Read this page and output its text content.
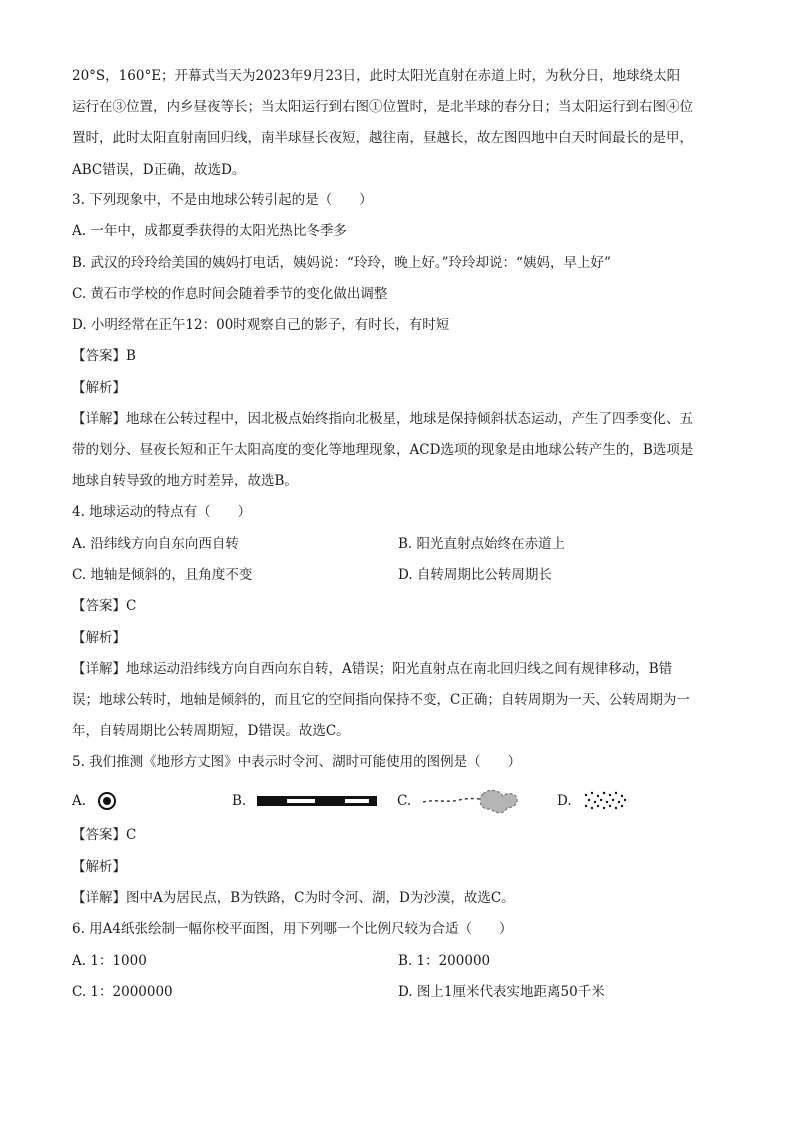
20°S，160°E；开幕式当天为2023年9月23日，此时太阳光直射在赤道上时，为秋分日，地球绕太阳
运行在③位置，内乡昼夜等长；当太阳运行到右图①位置时，是北半球的春分日；当太阳运行到右图④位
置时，此时太阳直射南回归线，南半球昼长夜短，越往南，昼越长，故左图四地中白天时间最长的是甲，
ABC错误，D正确，故选D。
3. 下列现象中，不是由地球公转引起的是（　　）
A. 一年中，成都夏季获得的太阳光热比冬季多
B. 武汉的玲玲给美国的姨妈打电话，姨妈说：“玲玲，晚上好。”玲玲却说：“姨妈，早上好”
C. 黄石市学校的作息时间会随着季节的变化做出调整
D. 小明经常在正午12：00时观察自己的影子，有时长，有时短
【答案】B
【解析】
【详解】地球在公转过程中，因北极点始终指向北极星，地球是保持倾斜状态运动，产生了四季变化、五
带的划分、昼夜长短和正午太阳高度的变化等地理现象，ACD选项的现象是由地球公转产生的，B选项是
地球自转导致的地方时差异，故选B。
4. 地球运动的特点有（　　）
A. 沿纬线方向自东向西自转	B. 阳光直射点始终在赤道上
C. 地轴是倾斜的，且角度不变	D. 自转周期比公转周期长
【答案】C
【解析】
【详解】地球运动沿纬线方向自西向东自转，A错误；阳光直射点在南北回归线之间有规律移动，B错
误；地球公转时，地轴是倾斜的，而且它的空间指向保持不变，C正确；自转周期为一天、公转周期为一
年，自转周期比公转周期短，D错误。故选C。
5. 我们推测《地形方丈图》中表示时令河、湖时可能使用的图例是（　　）
A.	B.	C.	D.
【答案】C
【解析】
【详解】图中A为居民点，B为铁路，C为时令河、湖，D为沙漠，故选C。
6. 用A4纸张绘制一幅你校平面图，用下列哪一个比例尺较为合适（　　）
A. 1：1000	B. 1：200000
C. 1：2000000	D. 图上1厘米代表实地距离50千米
